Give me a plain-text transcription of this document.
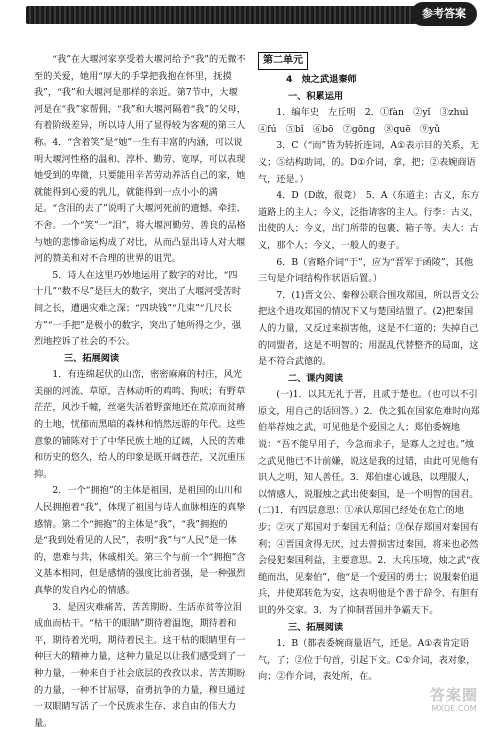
参考答案

“我”在大堰河家享受着大堰河给予“我”的无微不至的关爱，她用“厚大的手掌把我抱在怀里，抚摸我”，“我”和大堰河是那样的亲近。第7节中，大堰河是在“我”家帮佣，“我”和大堰河隔着“我”的父母，有着阶级差异，所以诗人用了显得较为客观的第三人称。4．“含着笑”是“她”一生有丰富的内涵，可以说明大堰河性格的温和、淳朴、勤劳、宽厚，可以表现她受到的卑微，只要能用辛苦劳动养活自己的家，她就能得到心爱的乳儿，就能得到一点小小的满足。“含泪的去了”说明了大堰河死前的遗憾、牵挂、不舍。一个“笑”一“泪”，将大堰河勤劳、善良的品格与她的悲惨命运构成了对比，从而凸显出诗人对大堰河的赞美和对不合理的世界的诅咒。

5．诗人在这里巧妙地运用了数字的对比，“四十几”“数不尽”是巨大的数字，突出了大堰河受苦时间之长，遭遇灾难之深；“四块钱”“几束”“几尺长方”“一手把”是极小的数字，突出了她所得之少，强烈地控诉了社会的不公。

三、拓展阅读

1．有连绵起伏的山峦，密密麻麻的村庄，风光美丽的河流、草原，吉林动听的鸡鸣、狗吠；有野草茫茫，风沙千幢，丝毫失活着野蛮地还在荒凉而贫瘠的土地，忧郁而黑暗的森林和悄然远游的年代。这些意象的铺陈对于了中华民族土地的辽阔，人民的苦难和历史的悠久，给人的印象是既开阔苍茫，又沉重压抑。

2．一个“拥抱”的主体是祖国，是祖国的山川和人民拥抱着“我”，体现了祖国与诗人血脉相连的真挚感情。第二个“拥抱”的主体是“我”，“我”拥抱的是“我到处看见的人民”，表明“我”与“人民”是一体的，患难与共，休戚相关。第三个与前一个“拥抱”含义基本相同，但是感情的强度比前者强，是一种强烈真挚的发自内心的情感。

3．是因灾难痛苦、苦苦期盼、生活赤贫等泣泪成血而枯干。“枯干的眼睛”期待着温饱，期待着和平，期待着光明，期待着民主。这干枯的眼睛里有一种巨大的精神力量，这种力量足以让我们感受到了一种力量，一种来自于社会底层的孜孜以求、苦苦期盼的力量，一种不甘屈辱，奋勇抗争的力量，穆旦通过一双眼睛写活了一个民族求生存、求自由的伟大力量。

第二单元

4　烛之武退秦师

一、积累运用

1．编年史　左丘明　2．①fàn　②yǐ　③zhuì　④fú　⑤bǐ　⑥bō　⑦gōng　⑧quē　⑨yǔ

3．C（“而”皆为转折连词，A①表示目的关系，无义；⑤结构助词，的。D①介词，拿，把；②表婉商语气，还是。）

4．D（D敢，很竟）　5．A（东道主：古义，东方道路上的主人；今义，泛指请客的主人。行李：古义，出使的人；今义，出门所带的包裹、箱子等。夫人：古义，那个人；今义，一般人的妻子。

6．B（省略介词“于”，应为“晋军于函陵”，其他三句是介词结构作状语后置。）

7．(1)晋文公、秦穆公联合围攻郑国，所以晋文公把这个进攻郑国的情况下又与楚国结盟了。(2)把秦国人的力量，又反过来损害他，这是不仁道的；失掉自己的同盟者，这是不明智的；用混乱代替整齐的局面，这是不符合武德的。

二、课内阅读

(一)1．以其无礼于晋，且贰于楚也。（也可以不引原文，用自己的话回答。）2．佚之狐在国家危难时向郑伯举荐烛之武，可见他是个爱国之人；郑伯委婉地说：“吾不能早用子，今急而求子，是寡人之过也。”烛之武见他已不计前嫌，说这是我的过错，由此可见他有识人之明，知人善任。3．郑伯虚心诚恳，以理服人，以情感人，说服烛之武出使秦国，是一个明智的国君。(二)1．有四层意思：①承认郑国已经处在危亡的地步；②灭了郑国对于秦国无利益；③保存郑国对秦国有利；④晋国贪得无厌，过去曾损害过秦国，将来也必然会侵犯秦国利益，主要意思。2．大兵压境，烛之武“夜缒而出，见秦伯”，他“是一个爱国的勇士；说服秦伯退兵，并使郑转危为安，这表明他是个善于辞令、有胆有识的外交家。3．为了抑制晋国并争霸天下。

三、拓展阅读

1．B（都表委婉商量语气，还是。A①表肯定语气，了；②位于句首，引起下文。C①介词，表对象，向；②作介词，表处所，在。

答案圈
MXQE.COM
